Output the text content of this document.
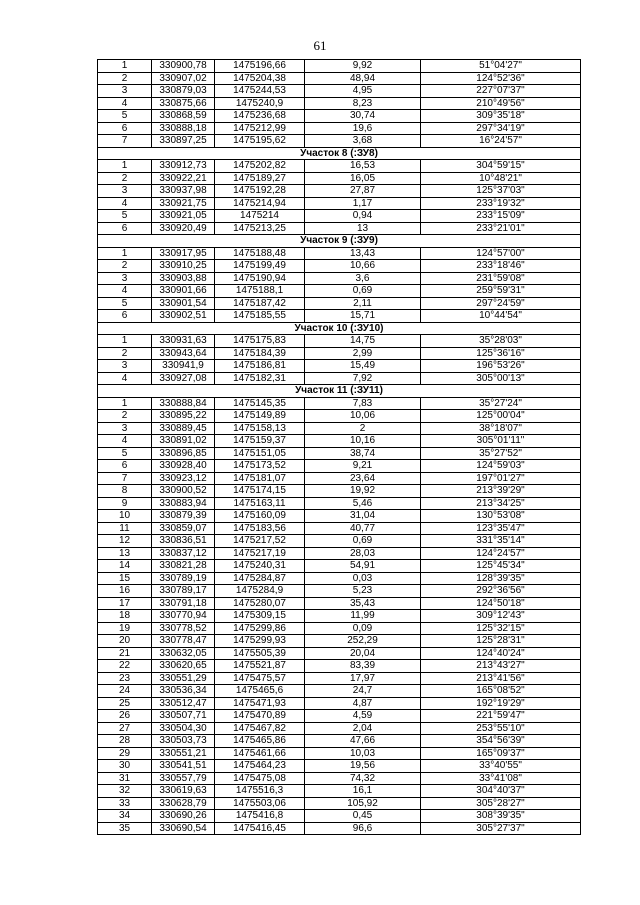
61
1	330900,78	1475196,66	9,92	51°04'27"
2	330907,02	1475204,38	48,94	124°52'36"
3	330879,03	1475244,53	4,95	227°07'37"
4	330875,66	1475240,9	8,23	210°49'56"
5	330868,59	1475236,68	30,74	309°35'18"
6	330888,18	1475212,99	19,6	297°34'19"
7	330897,25	1475195,62	3,68	16°24'57"
Участок 8 (:ЗУ8)				
1	330912,73	1475202,82	16,53	304°59'15"
2	330922,21	1475189,27	16,05	10°48'21"
3	330937,98	1475192,28	27,87	125°37'03"
4	330921,75	1475214,94	1,17	233°19'32"
5	330921,05	1475214	0,94	233°15'09"
6	330920,49	1475213,25	13	233°21'01"
Участок 9 (:ЗУ9)				
1	330917,95	1475188,48	13,43	124°57'00"
2	330910,25	1475199,49	10,66	233°18'46"
3	330903,88	1475190,94	3,6	231°59'08"
4	330901,66	1475188,1	0,69	259°59'31"
5	330901,54	1475187,42	2,11	297°24'59"
6	330902,51	1475185,55	15,71	10°44'54"
Участок 10 (:ЗУ10)				
1	330931,63	1475175,83	14,75	35°28'03"
2	330943,64	1475184,39	2,99	125°36'16"
3	330941,9	1475186,81	15,49	196°53'26"
4	330927,08	1475182,31	7,92	305°00'13"
Участок 11 (:ЗУ11)				
1	330888,84	1475145,35	7,83	35°27'24"
2	330895,22	1475149,89	10,06	125°00'04"
3	330889,45	1475158,13	2	38°18'07"
4	330891,02	1475159,37	10,16	305°01'11"
5	330896,85	1475151,05	38,74	35°27'52"
6	330928,40	1475173,52	9,21	124°59'03"
7	330923,12	1475181,07	23,64	197°01'27"
8	330900,52	1475174,15	19,92	213°39'29"
9	330883,94	1475163,11	5,46	213°34'25"
10	330879,39	1475160,09	31,04	130°53'08"
11	330859,07	1475183,56	40,77	123°35'47"
12	330836,51	1475217,52	0,69	331°35'14"
13	330837,12	1475217,19	28,03	124°24'57"
14	330821,28	1475240,31	54,91	125°45'34"
15	330789,19	1475284,87	0,03	128°39'35"
16	330789,17	1475284,9	5,23	292°36'56"
17	330791,18	1475280,07	35,43	124°50'18"
18	330770,94	1475309,15	11,99	309°12'43"
19	330778,52	1475299,86	0,09	125°32'15"
20	330778,47	1475299,93	252,29	125°28'31"
21	330632,05	1475505,39	20,04	124°40'24"
22	330620,65	1475521,87	83,39	213°43'27"
23	330551,29	1475475,57	17,97	213°41'56"
24	330536,34	1475465,6	24,7	165°08'52"
25	330512,47	1475471,93	4,87	192°19'29"
26	330507,71	1475470,89	4,59	221°59'47"
27	330504,30	1475467,82	2,04	253°55'10"
28	330503,73	1475465,86	47,66	354°56'39"
29	330551,21	1475461,66	10,03	165°09'37"
30	330541,51	1475464,23	19,56	33°40'55"
31	330557,79	1475475,08	74,32	33°41'08"
32	330619,63	1475516,3	16,1	304°40'37"
33	330628,79	1475503,06	105,92	305°28'27"
34	330690,26	1475416,8	0,45	308°39'35"
35	330690,54	1475416,45	96,6	305°27'37"
